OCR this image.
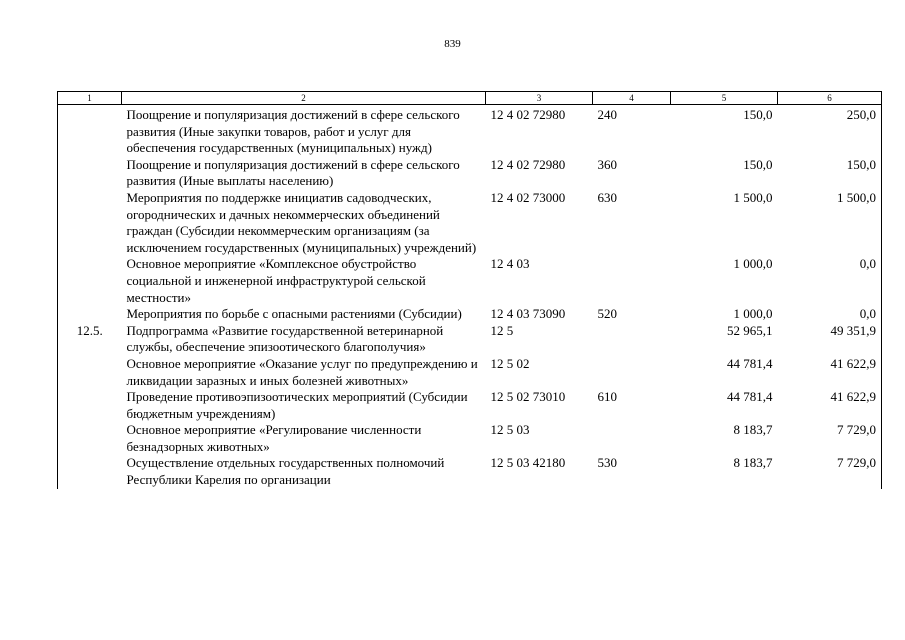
839
1	2	3	4	5	6
	Поощрение и популяризация достижений в сфере сельского развития (Иные закупки товаров, работ и услуг для обеспечения государственных (муниципальных) нужд)	12 4 02 72980	240	150,0	250,0
	Поощрение и популяризация достижений в сфере сельского развития (Иные выплаты населению)	12 4 02 72980	360	150,0	150,0
	Мероприятия по поддержке инициатив садоводческих, огороднических и дачных некоммерческих объединений граждан (Субсидии некоммерческим организациям (за исключением государственных (муниципальных) учреждений)	12 4 02 73000	630	1 500,0	1 500,0
	Основное мероприятие «Комплексное обустройство социальной и инженерной инфраструктурой сельской местности»	12 4 03		1 000,0	0,0
	Мероприятия по борьбе с опасными растениями (Субсидии)	12 4 03 73090	520	1 000,0	0,0
12.5.	Подпрограмма «Развитие государственной ветеринарной службы, обеспечение эпизоотического благополучия»	12 5		52 965,1	49 351,9
	Основное мероприятие «Оказание услуг по предупреждению и ликвидации заразных и иных болезней животных»	12 5 02		44 781,4	41 622,9
	Проведение противоэпизоотических мероприятий (Субсидии бюджетным учреждениям)	12 5 02 73010	610	44 781,4	41 622,9
	Основное мероприятие «Регулирование численности безнадзорных животных»	12 5 03		8 183,7	7 729,0
	Осуществление отдельных государственных полномочий Республики Карелия по организации	12 5 03 42180	530	8 183,7	7 729,0
